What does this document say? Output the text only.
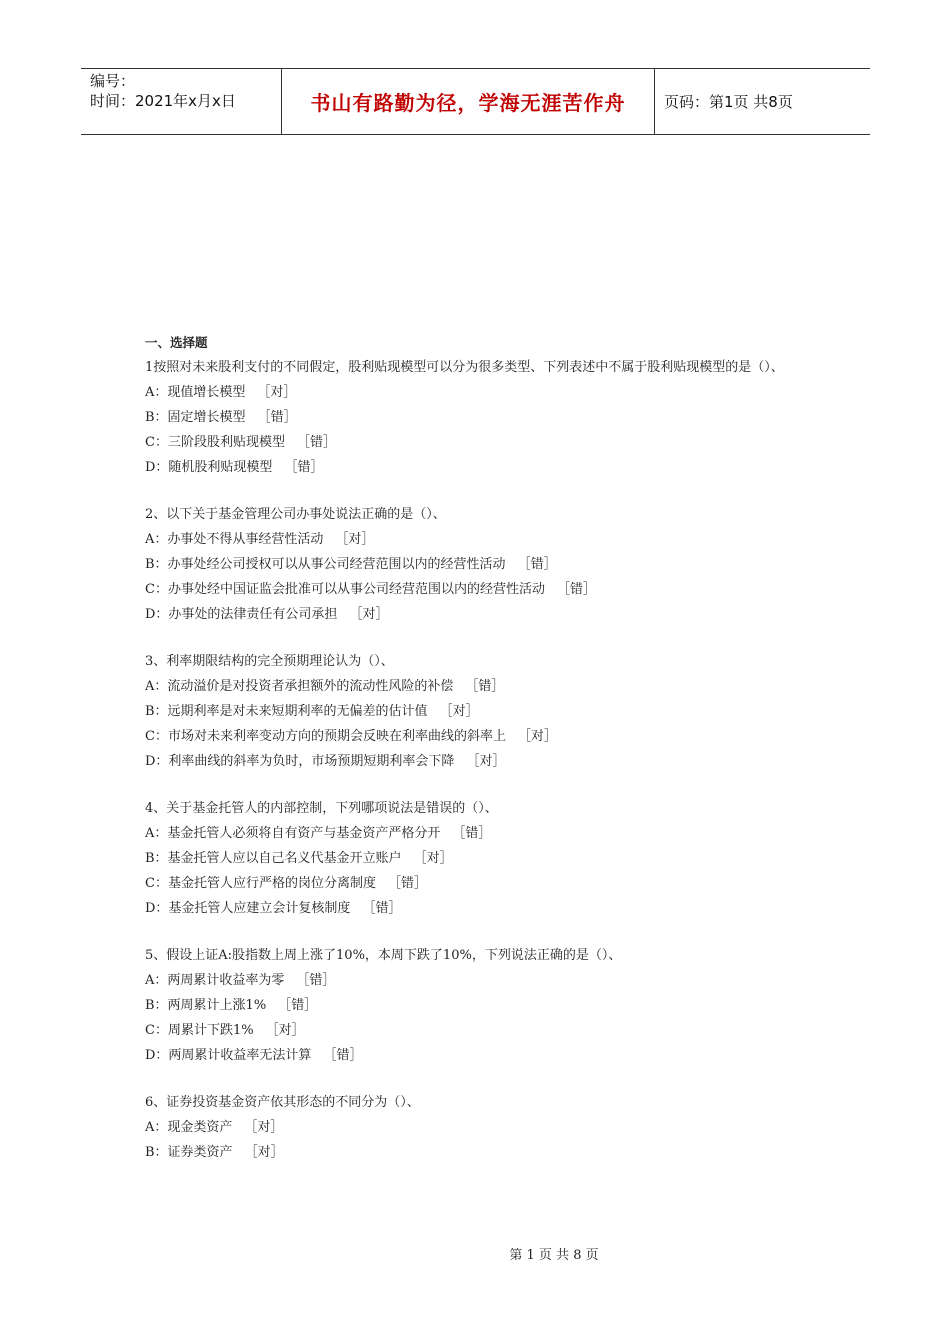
编号：
时间：2021年x月x日	书山有路勤为径，学海无涯苦作舟	页码：第1页 共8页
一、选择题
1按照对未来股利支付的不同假定，股利贴现模型可以分为很多类型、下列表述中不属于股利贴现模型的是（）、
A：现值增长模型 ［对］
B：固定增长模型 ［错］
C：三阶段股利贴现模型 ［错］
D：随机股利贴现模型 ［错］
2、以下关于基金管理公司办事处说法正确的是（）、
A：办事处不得从事经营性活动 ［对］
B：办事处经公司授权可以从事公司经营范围以内的经营性活动 ［错］
C：办事处经中国证监会批准可以从事公司经营范围以内的经营性活动 ［错］
D：办事处的法律责任有公司承担 ［对］
3、利率期限结构的完全预期理论认为（）、
A：流动溢价是对投资者承担额外的流动性风险的补偿 ［错］
B：远期利率是对未来短期利率的无偏差的估计值 ［对］
C：市场对未来利率变动方向的预期会反映在利率曲线的斜率上 ［对］
D：利率曲线的斜率为负时，市场预期短期利率会下降 ［对］
4、关于基金托管人的内部控制，下列哪项说法是错误的（）、
A：基金托管人必须将自有资产与基金资产严格分开 ［错］
B：基金托管人应以自己名义代基金开立账户 ［对］
C：基金托管人应行严格的岗位分离制度 ［错］
D：基金托管人应建立会计复核制度 ［错］
5、假设上证A:股指数上周上涨了10%，本周下跌了10%，下列说法正确的是（）、
A：两周累计收益率为零 ［错］
B：两周累计上涨1% ［错］
C：周累计下跌1% ［对］
D：两周累计收益率无法计算 ［错］
6、证券投资基金资产依其形态的不同分为（）、
A：现金类资产 ［对］
B：证券类资产 ［对］
第 1 页 共 8 页
